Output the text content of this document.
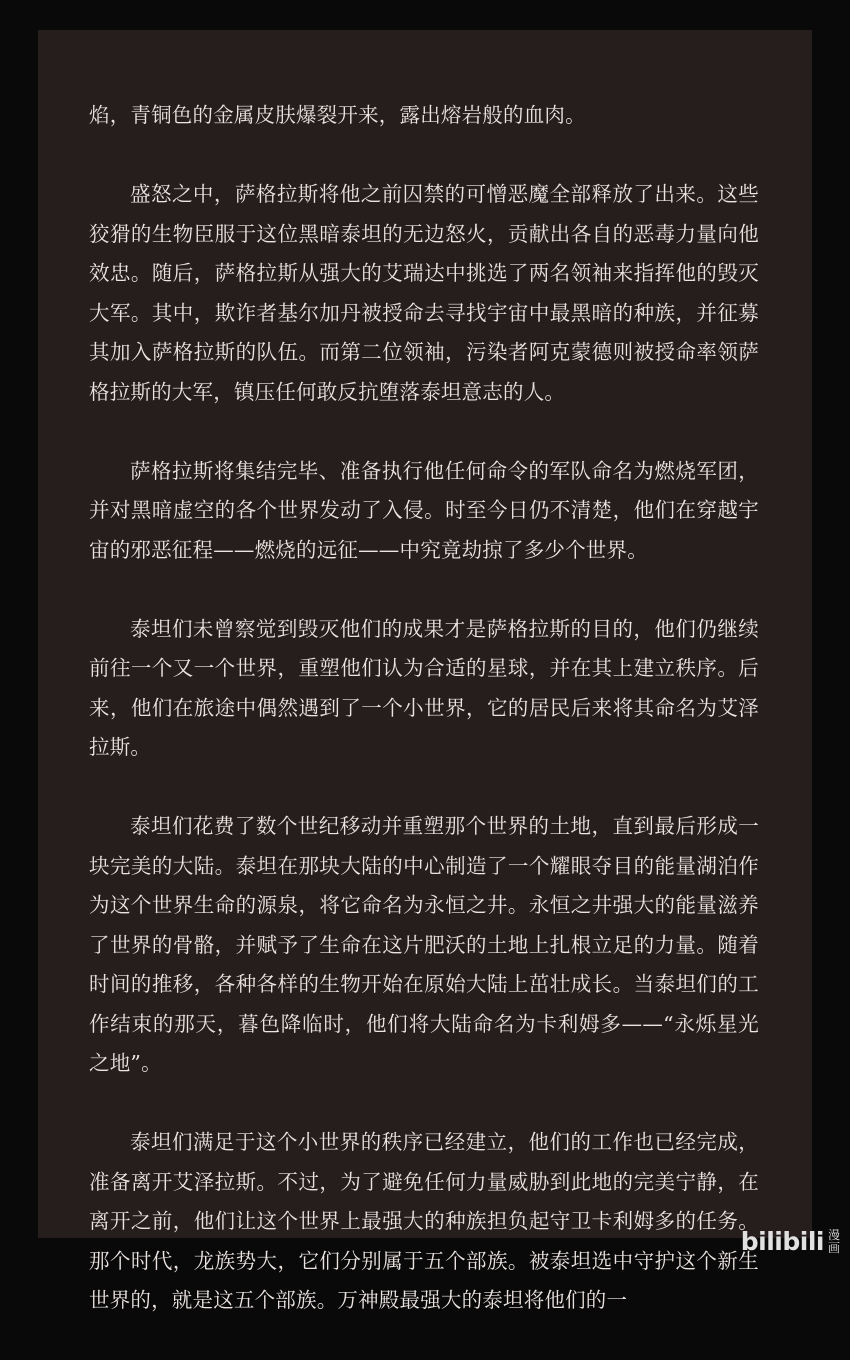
焰，青铜色的金属皮肤爆裂开来，露出熔岩般的血肉。

盛怒之中，萨格拉斯将他之前囚禁的可憎恶魔全部释放了出来。这些狡猾的生物臣服于这位黑暗泰坦的无边怒火，贡献出各自的恶毒力量向他效忠。随后，萨格拉斯从强大的艾瑞达中挑选了两名领袖来指挥他的毁灭大军。其中，欺诈者基尔加丹被授命去寻找宇宙中最黑暗的种族，并征募其加入萨格拉斯的队伍。而第二位领袖，污染者阿克蒙德则被授命率领萨格拉斯的大军，镇压任何敢反抗堕落泰坦意志的人。

萨格拉斯将集结完毕、准备执行他任何命令的军队命名为燃烧军团，并对黑暗虚空的各个世界发动了入侵。时至今日仍不清楚，他们在穿越宇宙的邪恶征程——燃烧的远征——中究竟劫掠了多少个世界。

泰坦们未曾察觉到毁灭他们的成果才是萨格拉斯的目的，他们仍继续前往一个又一个世界，重塑他们认为合适的星球，并在其上建立秩序。后来，他们在旅途中偶然遇到了一个小世界，它的居民后来将其命名为艾泽拉斯。

泰坦们花费了数个世纪移动并重塑那个世界的土地，直到最后形成一块完美的大陆。泰坦在那块大陆的中心制造了一个耀眼夺目的能量湖泊作为这个世界生命的源泉，将它命名为永恒之井。永恒之井强大的能量滋养了世界的骨骼，并赋予了生命在这片肥沃的土地上扎根立足的力量。随着时间的推移，各种各样的生物开始在原始大陆上茁壮成长。当泰坦们的工作结束的那天，暮色降临时，他们将大陆命名为卡利姆多——“永烁星光之地”。

泰坦们满足于这个小世界的秩序已经建立，他们的工作也已经完成，准备离开艾泽拉斯。不过，为了避免任何力量威胁到此地的完美宁静，在离开之前，他们让这个世界上最强大的种族担负起守卫卡利姆多的任务。那个时代，龙族势大，它们分别属于五个部族。被泰坦选中守护这个新生世界的，就是这五个部族。万神殿最强大的泰坦将他们的一

bilibili 漫
画
